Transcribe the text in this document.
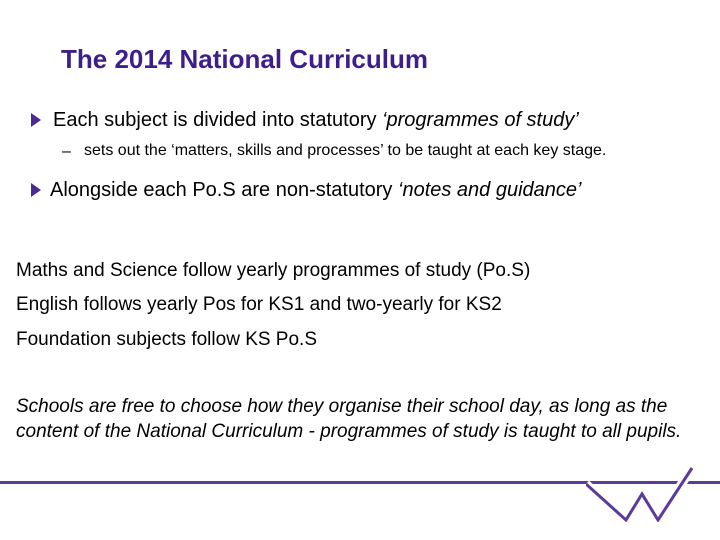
The 2014 National Curriculum
Each subject is divided into statutory ‘programmes of study’
– sets out the ‘matters, skills and processes’ to be taught at each key stage.
Alongside each Po.S are non-statutory ‘notes and guidance’
Maths and Science follow yearly programmes of study (Po.S)
English follows yearly Pos for KS1 and two-yearly for KS2
Foundation subjects follow KS Po.S
Schools are free to choose how they organise their school day, as long as the content of the National Curriculum - programmes of study is taught to all pupils.
